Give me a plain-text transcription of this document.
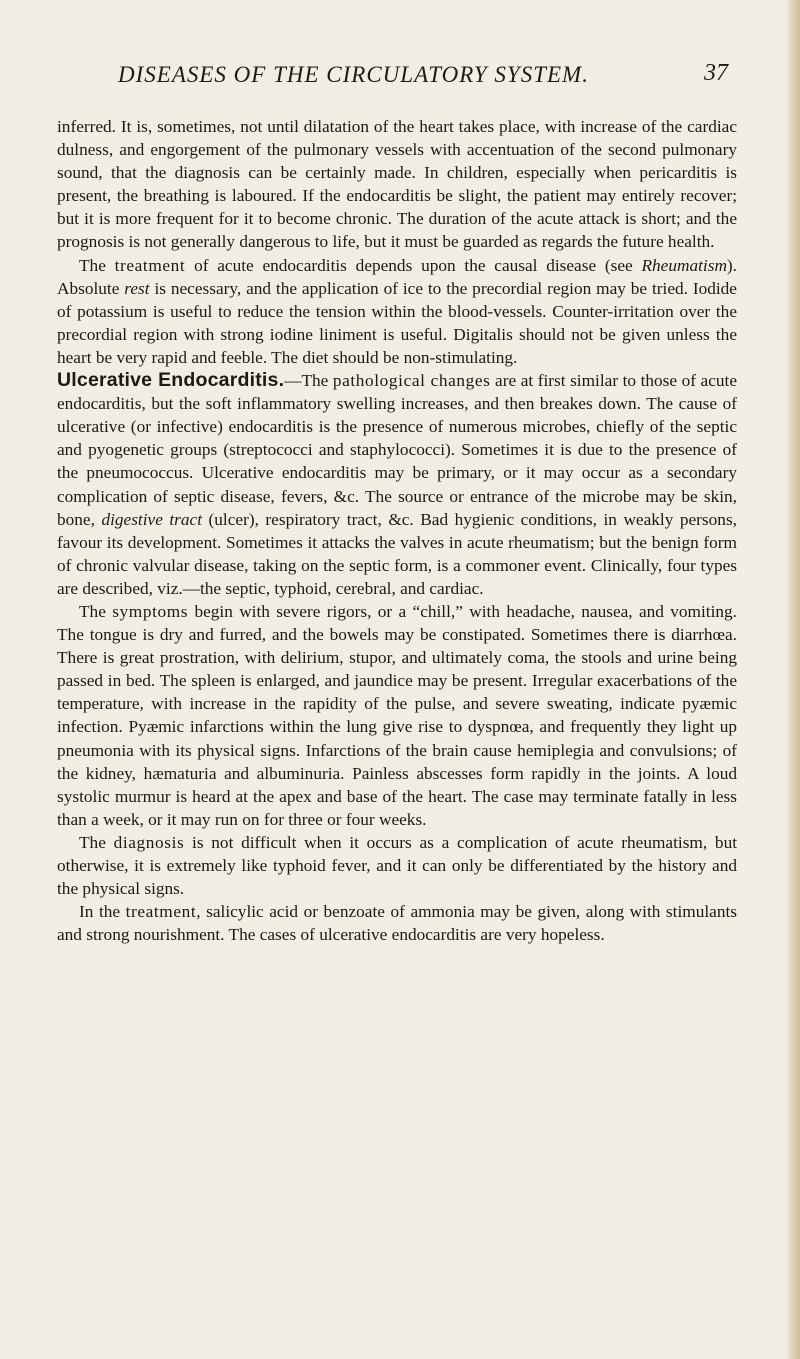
DISEASES OF THE CIRCULATORY SYSTEM.	37

inferred. It is, sometimes, not until dilatation of the heart takes place, with increase of the cardiac dulness, and engorgement of the pulmonary vessels with accentuation of the second pulmonary sound, that the diagnosis can be certainly made. In children, especially when pericarditis is present, the breathing is laboured. If the endocarditis be slight, the patient may entirely recover; but it is more frequent for it to become chronic. The duration of the acute attack is short; and the prognosis is not generally dangerous to life, but it must be guarded as regards the future health.

The treatment of acute endocarditis depends upon the causal disease (see Rheumatism). Absolute rest is necessary, and the application of ice to the precordial region may be tried. Iodide of potassium is useful to reduce the tension within the blood-vessels. Counter-irritation over the precordial region with strong iodine liniment is useful. Digitalis should not be given unless the heart be very rapid and feeble. The diet should be non-stimulating.

Ulcerative Endocarditis.—The pathological changes are at first similar to those of acute endocarditis, but the soft inflammatory swelling increases, and then breakes down. The cause of ulcerative (or infective) endocarditis is the presence of numerous microbes, chiefly of the septic and pyogenetic groups (streptococci and staphylococci). Sometimes it is due to the presence of the pneumococcus. Ulcerative endocarditis may be primary, or it may occur as a secondary complication of septic disease, fevers, &c. The source or entrance of the microbe may be skin, bone, digestive tract (ulcer), respiratory tract, &c. Bad hygienic conditions, in weakly persons, favour its development. Sometimes it attacks the valves in acute rheumatism; but the benign form of chronic valvular disease, taking on the septic form, is a commoner event. Clinically, four types are described, viz.—the septic, typhoid, cerebral, and cardiac.

The symptoms begin with severe rigors, or a “chill,” with headache, nausea, and vomiting. The tongue is dry and furred, and the bowels may be constipated. Sometimes there is diarrhœa. There is great prostration, with delirium, stupor, and ultimately coma, the stools and urine being passed in bed. The spleen is enlarged, and jaundice may be present. Irregular exacerbations of the temperature, with increase in the rapidity of the pulse, and severe sweating, indicate pyæmic infection. Pyæmic infarctions within the lung give rise to dyspnœa, and frequently they light up pneumonia with its physical signs. Infarctions of the brain cause hemiplegia and convulsions; of the kidney, hæmaturia and albuminuria. Painless abscesses form rapidly in the joints. A loud systolic murmur is heard at the apex and base of the heart. The case may terminate fatally in less than a week, or it may run on for three or four weeks.

The diagnosis is not difficult when it occurs as a complication of acute rheumatism, but otherwise, it is extremely like typhoid fever, and it can only be differentiated by the history and the physical signs.

In the treatment, salicylic acid or benzoate of ammonia may be given, along with stimulants and strong nourishment. The cases of ulcerative endocarditis are very hopeless.
